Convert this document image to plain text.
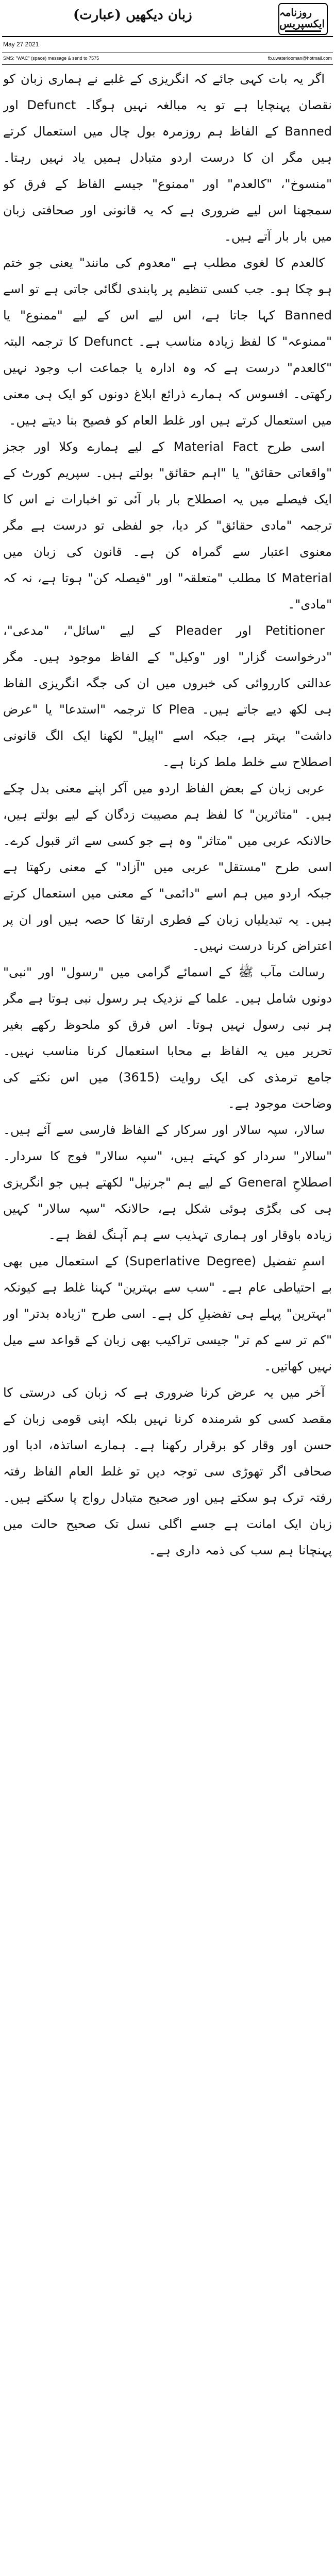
زبان دیکھیں (عبارت)	روزنامہ ایکسپریس
May 27 2021
SMS: "WAC" (space) message & send to 7575	fb.uwaterlooman@hotmail.com

اگر یہ بات کہی جائے کہ انگریزی کے غلبے نے ہماری زبان کو نقصان پہنچایا ہے تو یہ مبالغہ نہیں ہوگا۔ Defunct اور Banned کے الفاظ ہم روزمرہ بول چال میں استعمال کرتے ہیں مگر ان کا درست اردو متبادل ہمیں یاد نہیں رہتا۔ "منسوخ"، "کالعدم" اور "ممنوع" جیسے الفاظ کے فرق کو سمجھنا اس لیے ضروری ہے کہ یہ قانونی اور صحافتی زبان میں بار بار آتے ہیں۔

کالعدم کا لغوی مطلب ہے "معدوم کی مانند" یعنی جو ختم ہو چکا ہو۔ جب کسی تنظیم پر پابندی لگائی جاتی ہے تو اسے Banned کہا جاتا ہے، اس لیے اس کے لیے "ممنوع" یا "ممنوعہ" کا لفظ زیادہ مناسب ہے۔ Defunct کا ترجمہ البتہ "کالعدم" درست ہے کہ وہ ادارہ یا جماعت اب وجود نہیں رکھتی۔ افسوس کہ ہمارے ذرائع ابلاغ دونوں کو ایک ہی معنی میں استعمال کرتے ہیں اور غلط العام کو فصیح بنا دیتے ہیں۔

اسی طرح Material Fact کے لیے ہمارے وکلا اور ججز "واقعاتی حقائق" یا "اہم حقائق" بولتے ہیں۔ سپریم کورٹ کے ایک فیصلے میں یہ اصطلاح بار بار آئی تو اخبارات نے اس کا ترجمہ "مادی حقائق" کر دیا، جو لفظی تو درست ہے مگر معنوی اعتبار سے گمراہ کن ہے۔ قانون کی زبان میں Material کا مطلب "متعلقہ" اور "فیصلہ کن" ہوتا ہے، نہ کہ "مادی"۔

Petitioner اور Pleader کے لیے "سائل"، "مدعی"، "درخواست گزار" اور "وکیل" کے الفاظ موجود ہیں۔ مگر عدالتی کارروائی کی خبروں میں ان کی جگہ انگریزی الفاظ ہی لکھ دیے جاتے ہیں۔ Plea کا ترجمہ "استدعا" یا "عرض داشت" بہتر ہے، جبکہ اسے "اپیل" لکھنا ایک الگ قانونی اصطلاح سے خلط ملط کرنا ہے۔

عربی زبان کے بعض الفاظ اردو میں آکر اپنے معنی بدل چکے ہیں۔ "متاثرین" کا لفظ ہم مصیبت زدگان کے لیے بولتے ہیں، حالانکہ عربی میں "متاثر" وہ ہے جو کسی سے اثر قبول کرے۔ اسی طرح "مستقل" عربی میں "آزاد" کے معنی رکھتا ہے جبکہ اردو میں ہم اسے "دائمی" کے معنی میں استعمال کرتے ہیں۔ یہ تبدیلیاں زبان کے فطری ارتقا کا حصہ ہیں اور ان پر اعتراض کرنا درست نہیں۔

رسالت مآب ﷺ کے اسمائے گرامی میں "رسول" اور "نبی" دونوں شامل ہیں۔ علما کے نزدیک ہر رسول نبی ہوتا ہے مگر ہر نبی رسول نہیں ہوتا۔ اس فرق کو ملحوظ رکھے بغیر تحریر میں یہ الفاظ بے محابا استعمال کرنا مناسب نہیں۔ جامع ترمذی کی ایک روایت (3615) میں اس نکتے کی وضاحت موجود ہے۔

سالار، سپہ سالار اور سرکار کے الفاظ فارسی سے آئے ہیں۔ "سالار" سردار کو کہتے ہیں، "سپہ سالار" فوج کا سردار۔ اصطلاحِ General کے لیے ہم "جرنیل" لکھتے ہیں جو انگریزی ہی کی بگڑی ہوئی شکل ہے، حالانکہ "سپہ سالار" کہیں زیادہ باوقار اور ہماری تہذیب سے ہم آہنگ لفظ ہے۔

اسمِ تفضیل (Superlative Degree) کے استعمال میں بھی بے احتیاطی عام ہے۔ "سب سے بہترین" کہنا غلط ہے کیونکہ "بہترین" پہلے ہی تفضیلِ کل ہے۔ اسی طرح "زیادہ بدتر" اور "کم تر سے کم تر" جیسی تراکیب بھی زبان کے قواعد سے میل نہیں کھاتیں۔

آخر میں یہ عرض کرنا ضروری ہے کہ زبان کی درستی کا مقصد کسی کو شرمندہ کرنا نہیں بلکہ اپنی قومی زبان کے حسن اور وقار کو برقرار رکھنا ہے۔ ہمارے اساتذہ، ادبا اور صحافی اگر تھوڑی سی توجہ دیں تو غلط العام الفاظ رفتہ رفتہ ترک ہو سکتے ہیں اور صحیح متبادل رواج پا سکتے ہیں۔ زبان ایک امانت ہے جسے اگلی نسل تک صحیح حالت میں پہنچانا ہم سب کی ذمہ داری ہے۔
